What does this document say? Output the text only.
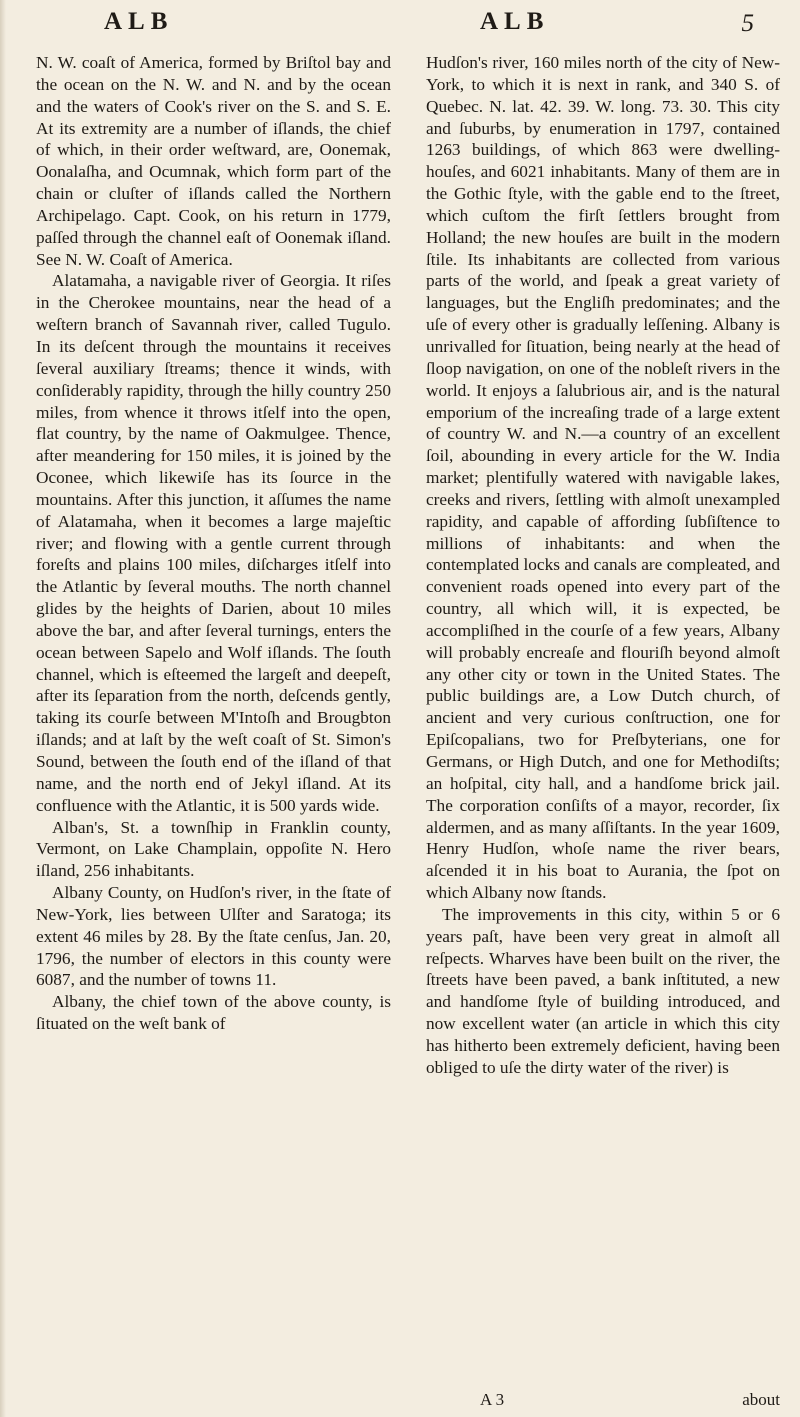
ALB	ALB	5

N. W. coaſt of America, formed by Briſtol bay and the ocean on the N. W. and N. and by the ocean and the waters of Cook's river on the S. and S. E. At its extremity are a number of iſlands, the chief of which, in their order weſtward, are, Oonemak, Oonalaſha, and Ocumnak, which form part of the chain or cluſter of iſlands called the Northern Archipelago. Capt. Cook, on his return in 1779, paſſed through the channel eaſt of Oonemak iſland. See N. W. Coaſt of America.

Alatamaha, a navigable river of Georgia. It riſes in the Cherokee mountains, near the head of a weſtern branch of Savannah river, called Tugulo. In its deſcent through the mountains it receives ſeveral auxiliary ſtreams; thence it winds, with conſiderably rapidity, through the hilly country 250 miles, from whence it throws itſelf into the open, flat country, by the name of Oakmulgee. Thence, after meandering for 150 miles, it is joined by the Oconee, which likewiſe has its ſource in the mountains. After this junction, it aſſumes the name of Alatamaha, when it becomes a large majeſtic river; and flowing with a gentle current through foreſts and plains 100 miles, diſcharges itſelf into the Atlantic by ſeveral mouths. The north channel glides by the heights of Darien, about 10 miles above the bar, and after ſeveral turnings, enters the ocean between Sapelo and Wolf iſlands. The ſouth channel, which is eſteemed the largeſt and deepeſt, after its ſeparation from the north, deſcends gently, taking its courſe between M'Intoſh and Brougbton iſlands; and at laſt by the weſt coaſt of St. Simon's Sound, between the ſouth end of the iſland of that name, and the north end of Jekyl iſland. At its confluence with the Atlantic, it is 500 yards wide.

Alban's, St. a townſhip in Franklin county, Vermont, on Lake Champlain, oppoſite N. Hero iſland, 256 inhabitants.

Albany County, on Hudſon's river, in the ſtate of New-York, lies between Ulſter and Saratoga; its extent 46 miles by 28. By the ſtate cenſus, Jan. 20, 1796, the number of electors in this county were 6087, and the number of towns 11.

Albany, the chief town of the above county, is ſituated on the weſt bank of

Hudſon's river, 160 miles north of the city of New-York, to which it is next in rank, and 340 S. of Quebec. N. lat. 42. 39. W. long. 73. 30. This city and ſuburbs, by enumeration in 1797, contained 1263 buildings, of which 863 were dwelling-houſes, and 6021 inhabitants. Many of them are in the Gothic ſtyle, with the gable end to the ſtreet, which cuſtom the firſt ſettlers brought from Holland; the new houſes are built in the modern ſtile. Its inhabitants are collected from various parts of the world, and ſpeak a great variety of languages, but the Engliſh predominates; and the uſe of every other is gradually leſſening. Albany is unrivalled for ſituation, being nearly at the head of ſloop navigation, on one of the nobleſt rivers in the world. It enjoys a ſalubrious air, and is the natural emporium of the increaſing trade of a large extent of country W. and N.—a country of an excellent ſoil, abounding in every article for the W. India market; plentifully watered with navigable lakes, creeks and rivers, ſettling with almoſt unexampled rapidity, and capable of affording ſubſiſtence to millions of inhabitants: and when the contemplated locks and canals are compleated, and convenient roads opened into every part of the country, all which will, it is expected, be accompliſhed in the courſe of a few years, Albany will probably encreaſe and flouriſh beyond almoſt any other city or town in the United States. The public buildings are, a Low Dutch church, of ancient and very curious conſtruction, one for Epiſcopalians, two for Preſbyterians, one for Germans, or High Dutch, and one for Methodiſts; an hoſpital, city hall, and a handſome brick jail. The corporation conſiſts of a mayor, recorder, ſix aldermen, and as many aſſiſtants. In the year 1609, Henry Hudſon, whoſe name the river bears, aſcended it in his boat to Aurania, the ſpot on which Albany now ſtands.

The improvements in this city, within 5 or 6 years paſt, have been very great in almoſt all reſpects. Wharves have been built on the river, the ſtreets have been paved, a bank inſtituted, a new and handſome ſtyle of building introduced, and now excellent water (an article in which this city has hitherto been extremely deficient, having been obliged to uſe the dirty water of the river) is

A 3	about
